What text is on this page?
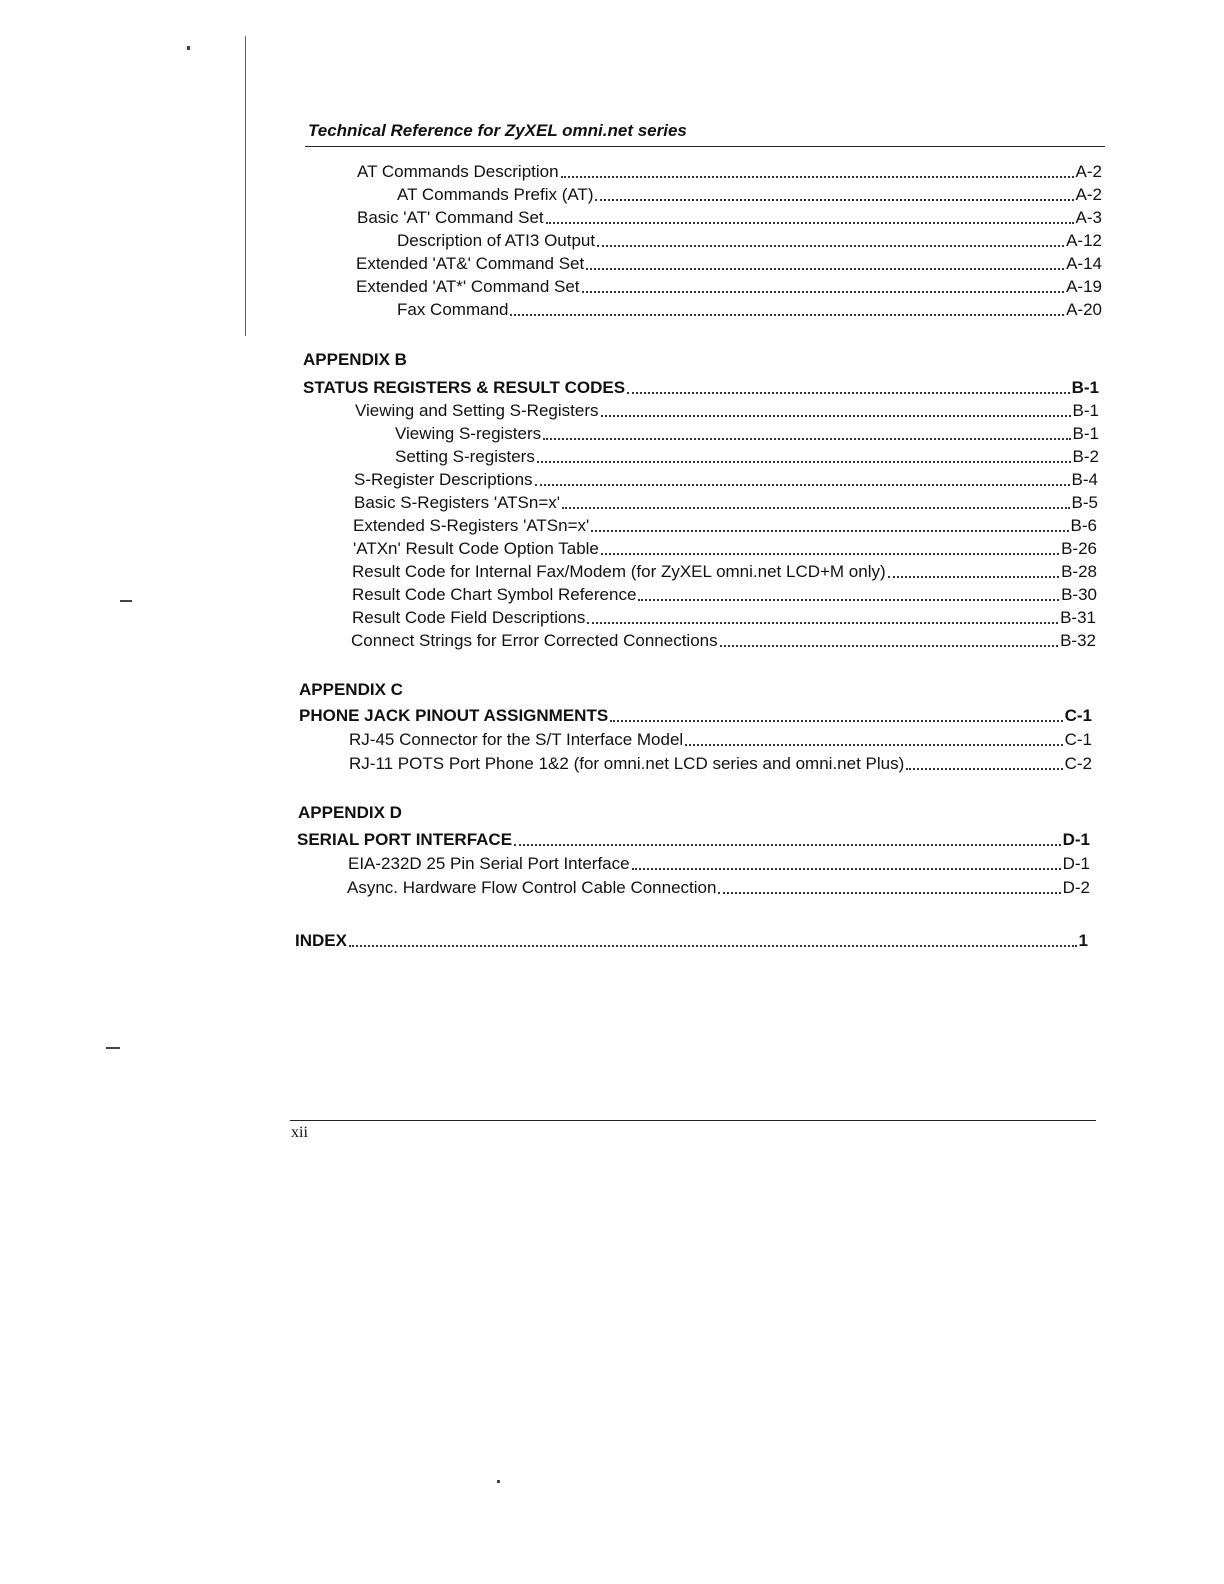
Technical Reference for ZyXEL omni.net series
AT Commands Description	A-2
AT Commands Prefix (AT)	A-2
Basic 'AT' Command Set	A-3
Description of ATI3 Output	A-12
Extended 'AT&' Command Set	A-14
Extended 'AT*' Command Set	A-19
Fax Command	A-20
APPENDIX B
STATUS REGISTERS & RESULT CODES	B-1
Viewing and Setting S-Registers	B-1
Viewing S-registers	B-1
Setting S-registers	B-2
S-Register Descriptions	B-4
Basic S-Registers 'ATSn=x'	B-5
Extended S-Registers 'ATSn=x'	B-6
'ATXn' Result Code Option Table	B-26
Result Code for Internal Fax/Modem (for ZyXEL omni.net LCD+M only)	B-28
Result Code Chart Symbol Reference	B-30
Result Code Field Descriptions	B-31
Connect Strings for Error Corrected Connections	B-32
APPENDIX C
PHONE JACK PINOUT ASSIGNMENTS	C-1
RJ-45 Connector for the S/T Interface Model	C-1
RJ-11 POTS Port Phone 1&2 (for omni.net LCD series and omni.net Plus)	C-2
APPENDIX D
SERIAL PORT INTERFACE	D-1
EIA-232D 25 Pin Serial Port Interface	D-1
Async. Hardware Flow Control Cable Connection	D-2
INDEX	1
xii
